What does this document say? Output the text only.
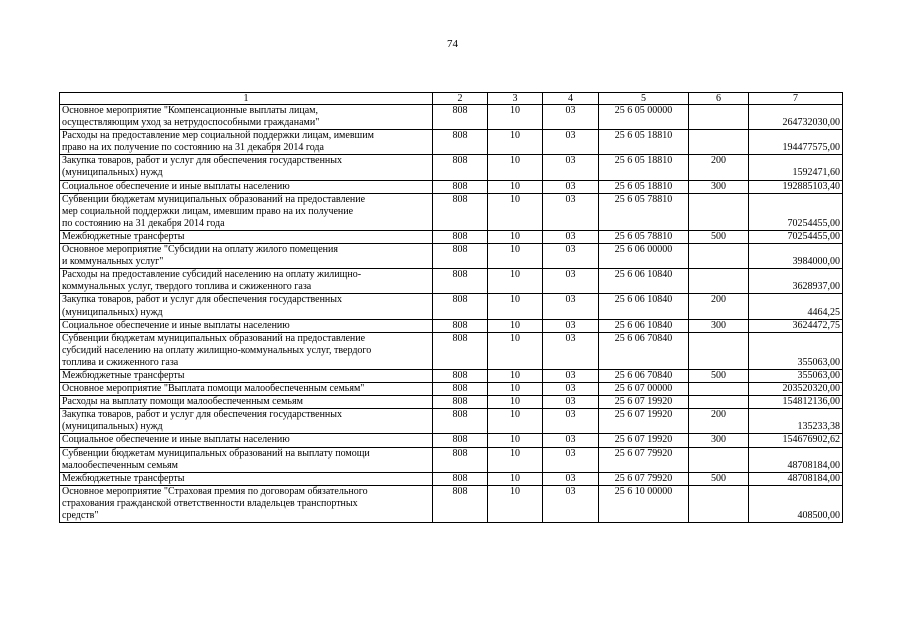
74
1	2	3	4	5	6	7

Основное мероприятие "Компенсационные выплаты лицам,
осуществляющим уход за нетрудоспособными гражданами"	808	10	03	25 6 05 00000		264732030,00

Расходы на предоставление мер социальной поддержки лицам, имевшим
право на их получение по состоянию на 31 декабря 2014 года	808	10	03	25 6 05 18810		194477575,00

Закупка товаров, работ и услуг для обеспечения государственных
(муниципальных) нужд	808	10	03	25 6 05 18810	200	1592471,60

Социальное обеспечение и иные выплаты населению	808	10	03	25 6 05 18810	300	192885103,40

Субвенции бюджетам муниципальных образований на предоставление
мер социальной поддержки лицам, имевшим право на их получение
по состоянию на 31 декабря 2014 года	808	10	03	25 6 05 78810		70254455,00

Межбюджетные трансферты	808	10	03	25 6 05 78810	500	70254455,00

Основное мероприятие "Субсидии на оплату жилого помещения
и коммунальных услуг"	808	10	03	25 6 06 00000		3984000,00

Расходы на предоставление субсидий населению на оплату жилищно-
коммунальных услуг, твердого топлива и сжиженного газа	808	10	03	25 6 06 10840		3628937,00

Закупка товаров, работ и услуг для обеспечения государственных
(муниципальных) нужд	808	10	03	25 6 06 10840	200	4464,25

Социальное обеспечение и иные выплаты населению	808	10	03	25 6 06 10840	300	3624472,75

Субвенции бюджетам муниципальных образований на предоставление
субсидий населению на оплату жилищно-коммунальных услуг, твердого
топлива и сжиженного газа	808	10	03	25 6 06 70840		355063,00

Межбюджетные трансферты	808	10	03	25 6 06 70840	500	355063,00

Основное мероприятие "Выплата помощи малообеспеченным семьям"	808	10	03	25 6 07 00000		203520320,00

Расходы на выплату помощи малообеспеченным семьям	808	10	03	25 6 07 19920		154812136,00

Закупка товаров, работ и услуг для обеспечения государственных
(муниципальных) нужд	808	10	03	25 6 07 19920	200	135233,38

Социальное обеспечение и иные выплаты населению	808	10	03	25 6 07 19920	300	154676902,62

Субвенции бюджетам муниципальных образований на выплату помощи
малообеспеченным семьям	808	10	03	25 6 07 79920		48708184,00

Межбюджетные трансферты	808	10	03	25 6 07 79920	500	48708184,00

Основное мероприятие "Страховая премия по договорам обязательного
страхования гражданской ответственности владельцев транспортных
средств"	808	10	03	25 6 10 00000		408500,00
